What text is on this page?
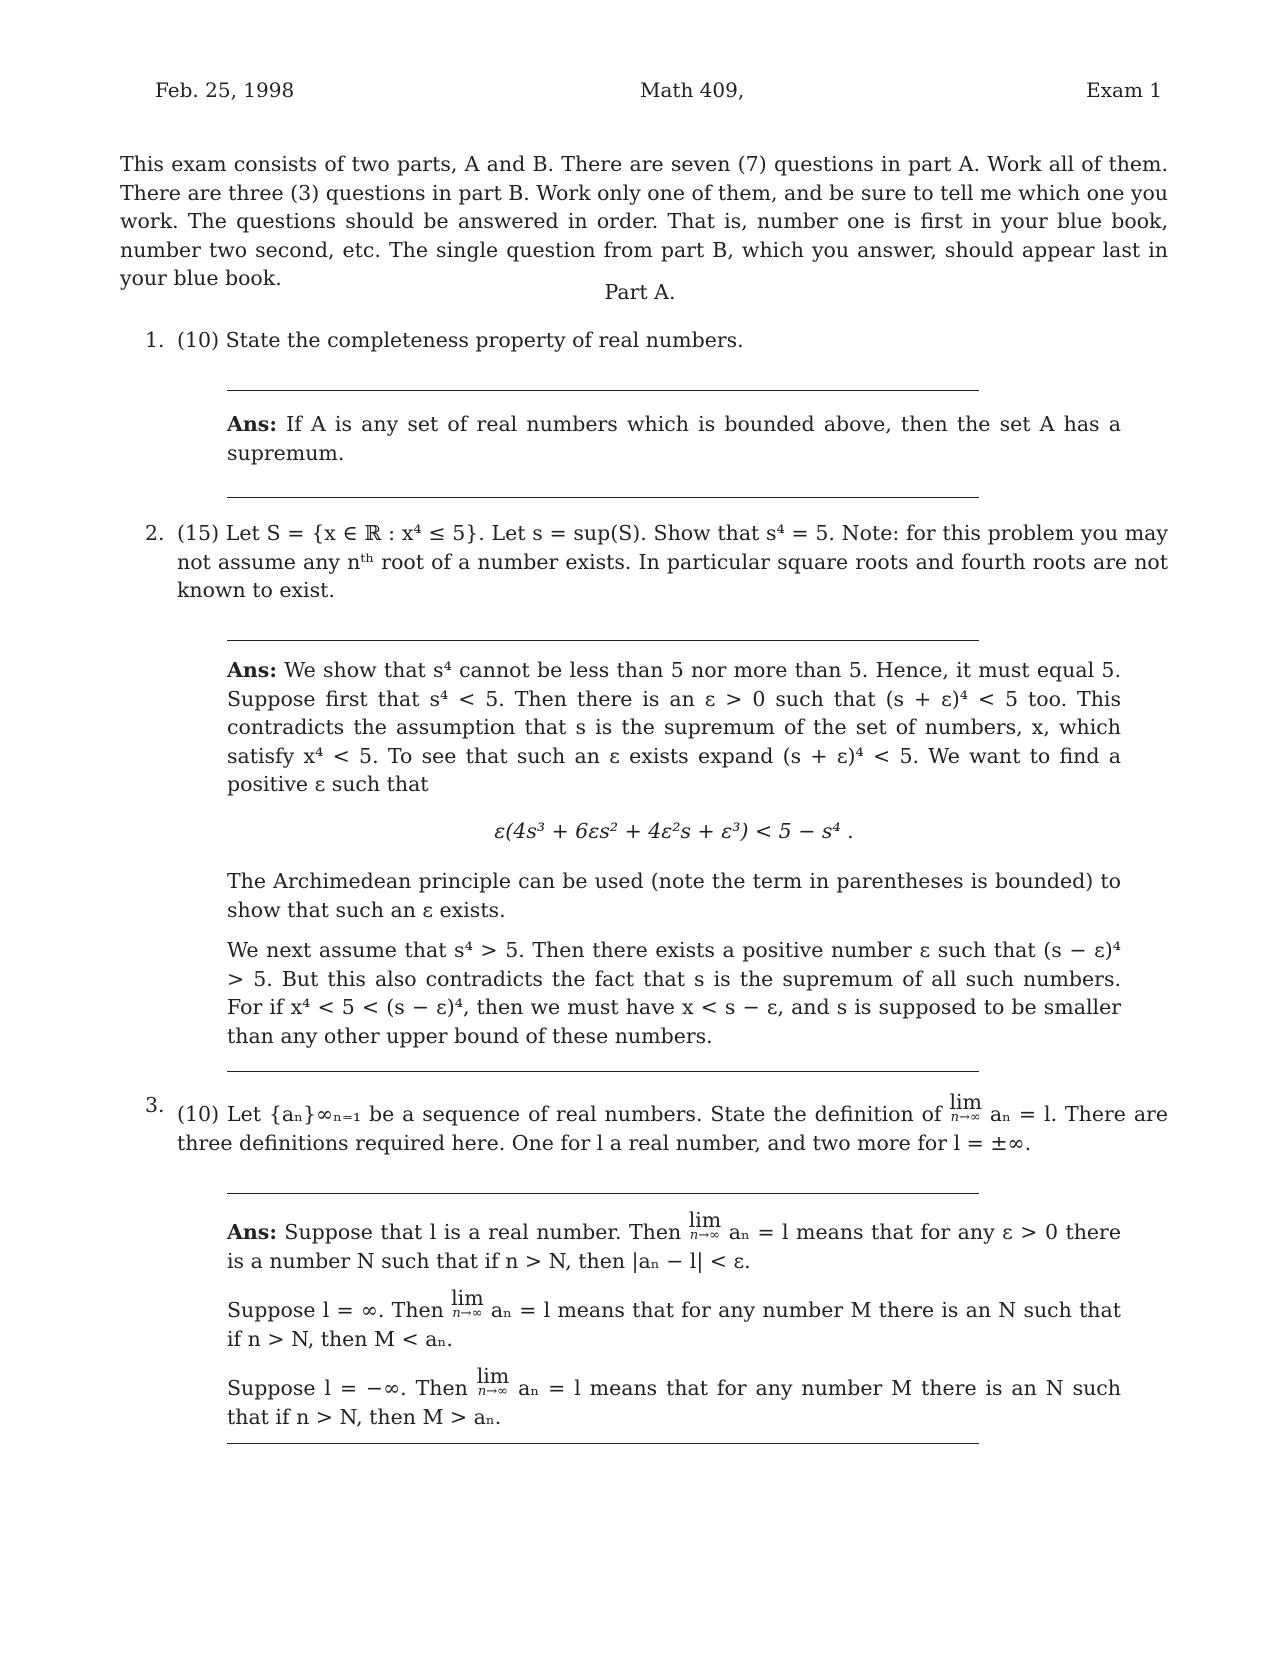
Feb. 25, 1998	Math 409,	Exam 1
This exam consists of two parts, A and B. There are seven (7) questions in part A. Work all of them. There are three (3) questions in part B. Work only one of them, and be sure to tell me which one you work. The questions should be answered in order. That is, number one is first in your blue book, number two second, etc. The single question from part B, which you answer, should appear last in your blue book.
Part A.
1. (10) State the completeness property of real numbers.

Ans: If A is any set of real numbers which is bounded above, then the set A has a supremum.

2. (15) Let S = {x ∈ ℝ : x⁴ ≤ 5}. Let s = sup(S). Show that s⁴ = 5. Note: for this problem you may not assume any nᵗʰ root of a number exists. In particular square roots and fourth roots are not known to exist.

Ans: We show that s⁴ cannot be less than 5 nor more than 5. Hence, it must equal 5. Suppose first that s⁴ < 5. Then there is an ε > 0 such that (s + ε)⁴ < 5 too. This contradicts the assumption that s is the supremum of the set of numbers, x, which satisfy x⁴ < 5. To see that such an ε exists expand (s + ε)⁴ < 5. We want to find a positive ε such that

ε(4s³ + 6εs² + 4ε²s + ε³) < 5 − s⁴ .

The Archimedean principle can be used (note the term in parentheses is bounded) to show that such an ε exists.

We next assume that s⁴ > 5. Then there exists a positive number ε such that (s − ε)⁴ > 5. But this also contradicts the fact that s is the supremum of all such numbers. For if x⁴ < 5 < (s − ε)⁴, then we must have x < s − ε, and s is supposed to be smaller than any other upper bound of these numbers.

3. (10) Let {aₙ}∞ₙ₌₁ be a sequence of real numbers. State the definition of lim
n→∞ aₙ = l. There are three definitions required here. One for l a real number, and two more for l = ±∞.

Ans: Suppose that l is a real number. Then lim
n→∞ aₙ = l means that for any ε > 0 there is a number N such that if n > N, then |aₙ − l| < ε.

Suppose l = ∞. Then lim
n→∞ aₙ = l means that for any number M there is an N such that if n > N, then M < aₙ.

Suppose l = −∞. Then lim
n→∞ aₙ = l means that for any number M there is an N such that if n > N, then M > aₙ.
